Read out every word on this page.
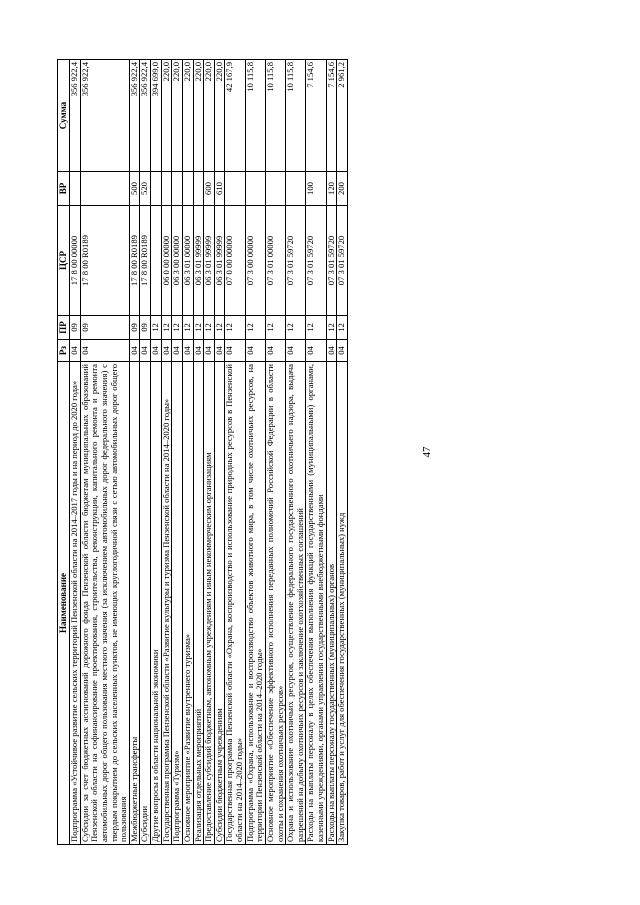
47
Наименование	Рз	ПР	ЦСР	ВР	Сумма
Подпрограмма «Устойчивое развитие сельских территорий Пензенской области на 2014–2017 годы и на период до 2020 года»	04	09	17 8 00 00000		356 922,4
Субсидии за счет бюджетных ассигнований дорожного фонда Пензенской области бюджетам муниципальных образований Пензенской области на софинансирование проектирования, строительства, реконструкции, капитального ремонта и ремонта автомобильных дорог общего пользования местного значения (за исключением автомобильных дорог федерального значения) с твердым покрытием до сельских населенных пунктов, не имеющих круглогодичной связи с сетью автомобильных дорог общего пользования	04	09	17 8 00 R0189		356 922,4
Межбюджетные трансферты	04	09	17 8 00 R0189	500	356 922,4
Субсидии	04	09	17 8 00 R0189	520	356 922,4
Другие вопросы в области национальной экономики	04	12			394 699,0
Государственная программа Пензенской области «Развитие культуры и туризма Пензенской области на 2014–2020 годы»	04	12	06 0 00 00000		220,0
Подпрограмма «Туризм»	04	12	06 3 00 00000		220,0
Основное мероприятие «Развитие внутреннего туризма»	04	12	06 3 01 00000		220,0
Реализация отдельных мероприятий	04	12	06 3 01 99999		220,0
Предоставление субсидий бюджетным, автономным учреждениям и иным некоммерческим организациям	04	12	06 3 01 99999	600	220,0
Субсидии бюджетным учреждениям	04	12	06 3 01 99999	610	220,0
Государственная программа Пензенской области «Охрана, воспроизводство и использование природных ресурсов в Пензенской области на 2014–2020 годы»	04	12	07 0 00 00000		42 167,9
Подпрограмма «Охрана, использование и воспроизводство объектов животного мира, в том числе охотничьих ресурсов, на территории Пензенской области на 2014–2020 годы»	04	12	07 3 00 00000		10 115,8
Основное мероприятие «Обеспечение эффективного исполнения переданных полномочий Российской Федерации в области охоты и сохранения охотничьих ресурсов»	04	12	07 3 01 00000		10 115,8
Охрана и использование охотничьих ресурсов, осуществление федерального государственного охотничьего надзора, выдача разрешений на добычу охотничьих ресурсов и заключение охотхозяйственных соглашений	04	12	07 3 01 59720		10 115,8
Расходы на выплаты персоналу в целях обеспечения выполнения функций государственными (муниципальными) органами, казенными учреждениями, органами управления государственными внебюджетными фондами	04	12	07 3 01 59720	100	7 154,6
Расходы на выплаты персоналу государственных (муниципальных) органов	04	12	07 3 01 59720	120	7 154,6
Закупка товаров, работ и услуг для обеспечения государственных (муниципальных) нужд	04	12	07 3 01 59720	200	2 961,2
